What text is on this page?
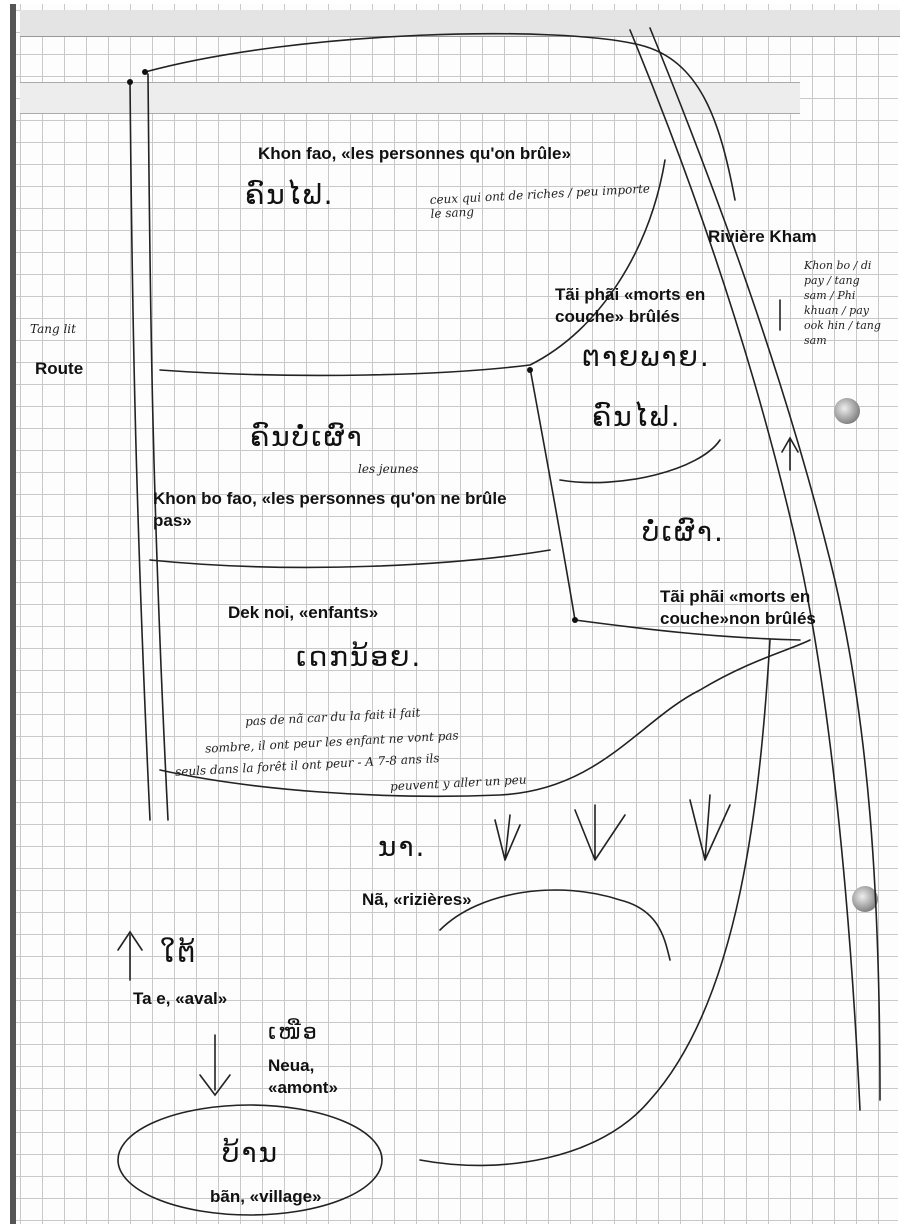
Khon fao, «les personnes qu'on brûle»
Rivière Kham
Tãi phãi «morts en couche» brûlés
Route
Khon bo fao, «les personnes qu'on ne brûle pas»
Tãi phãi «morts en couche»non brûlés
Dek noi, «enfants»
Nã, «rizières»
Ta e, «aval»
Neua, «amont»
bãn, «village»
Tang lit
ceux qui ont de riches / peu importe le sang
les jeunes
Khon bo / di pay / tang sam / Phi khuan / pay ook hin / tang sam
pas de nã car du la fait il fait
sombre, il ont peur les enfant ne vont pas
seuls dans la forêt il ont peur - A 7-8 ans ils
peuvent y aller un peu
ຄົນໄຟ.
ຕາຍພາຍ.
ຄົນໄຟ.
ຄົນບໍ່ເຜົາ
ບໍ່ເຜົາ.
ເດກນ້ອຍ.
ນາ.
ໃຕ້
ເໜືອ
ບ້ານ
